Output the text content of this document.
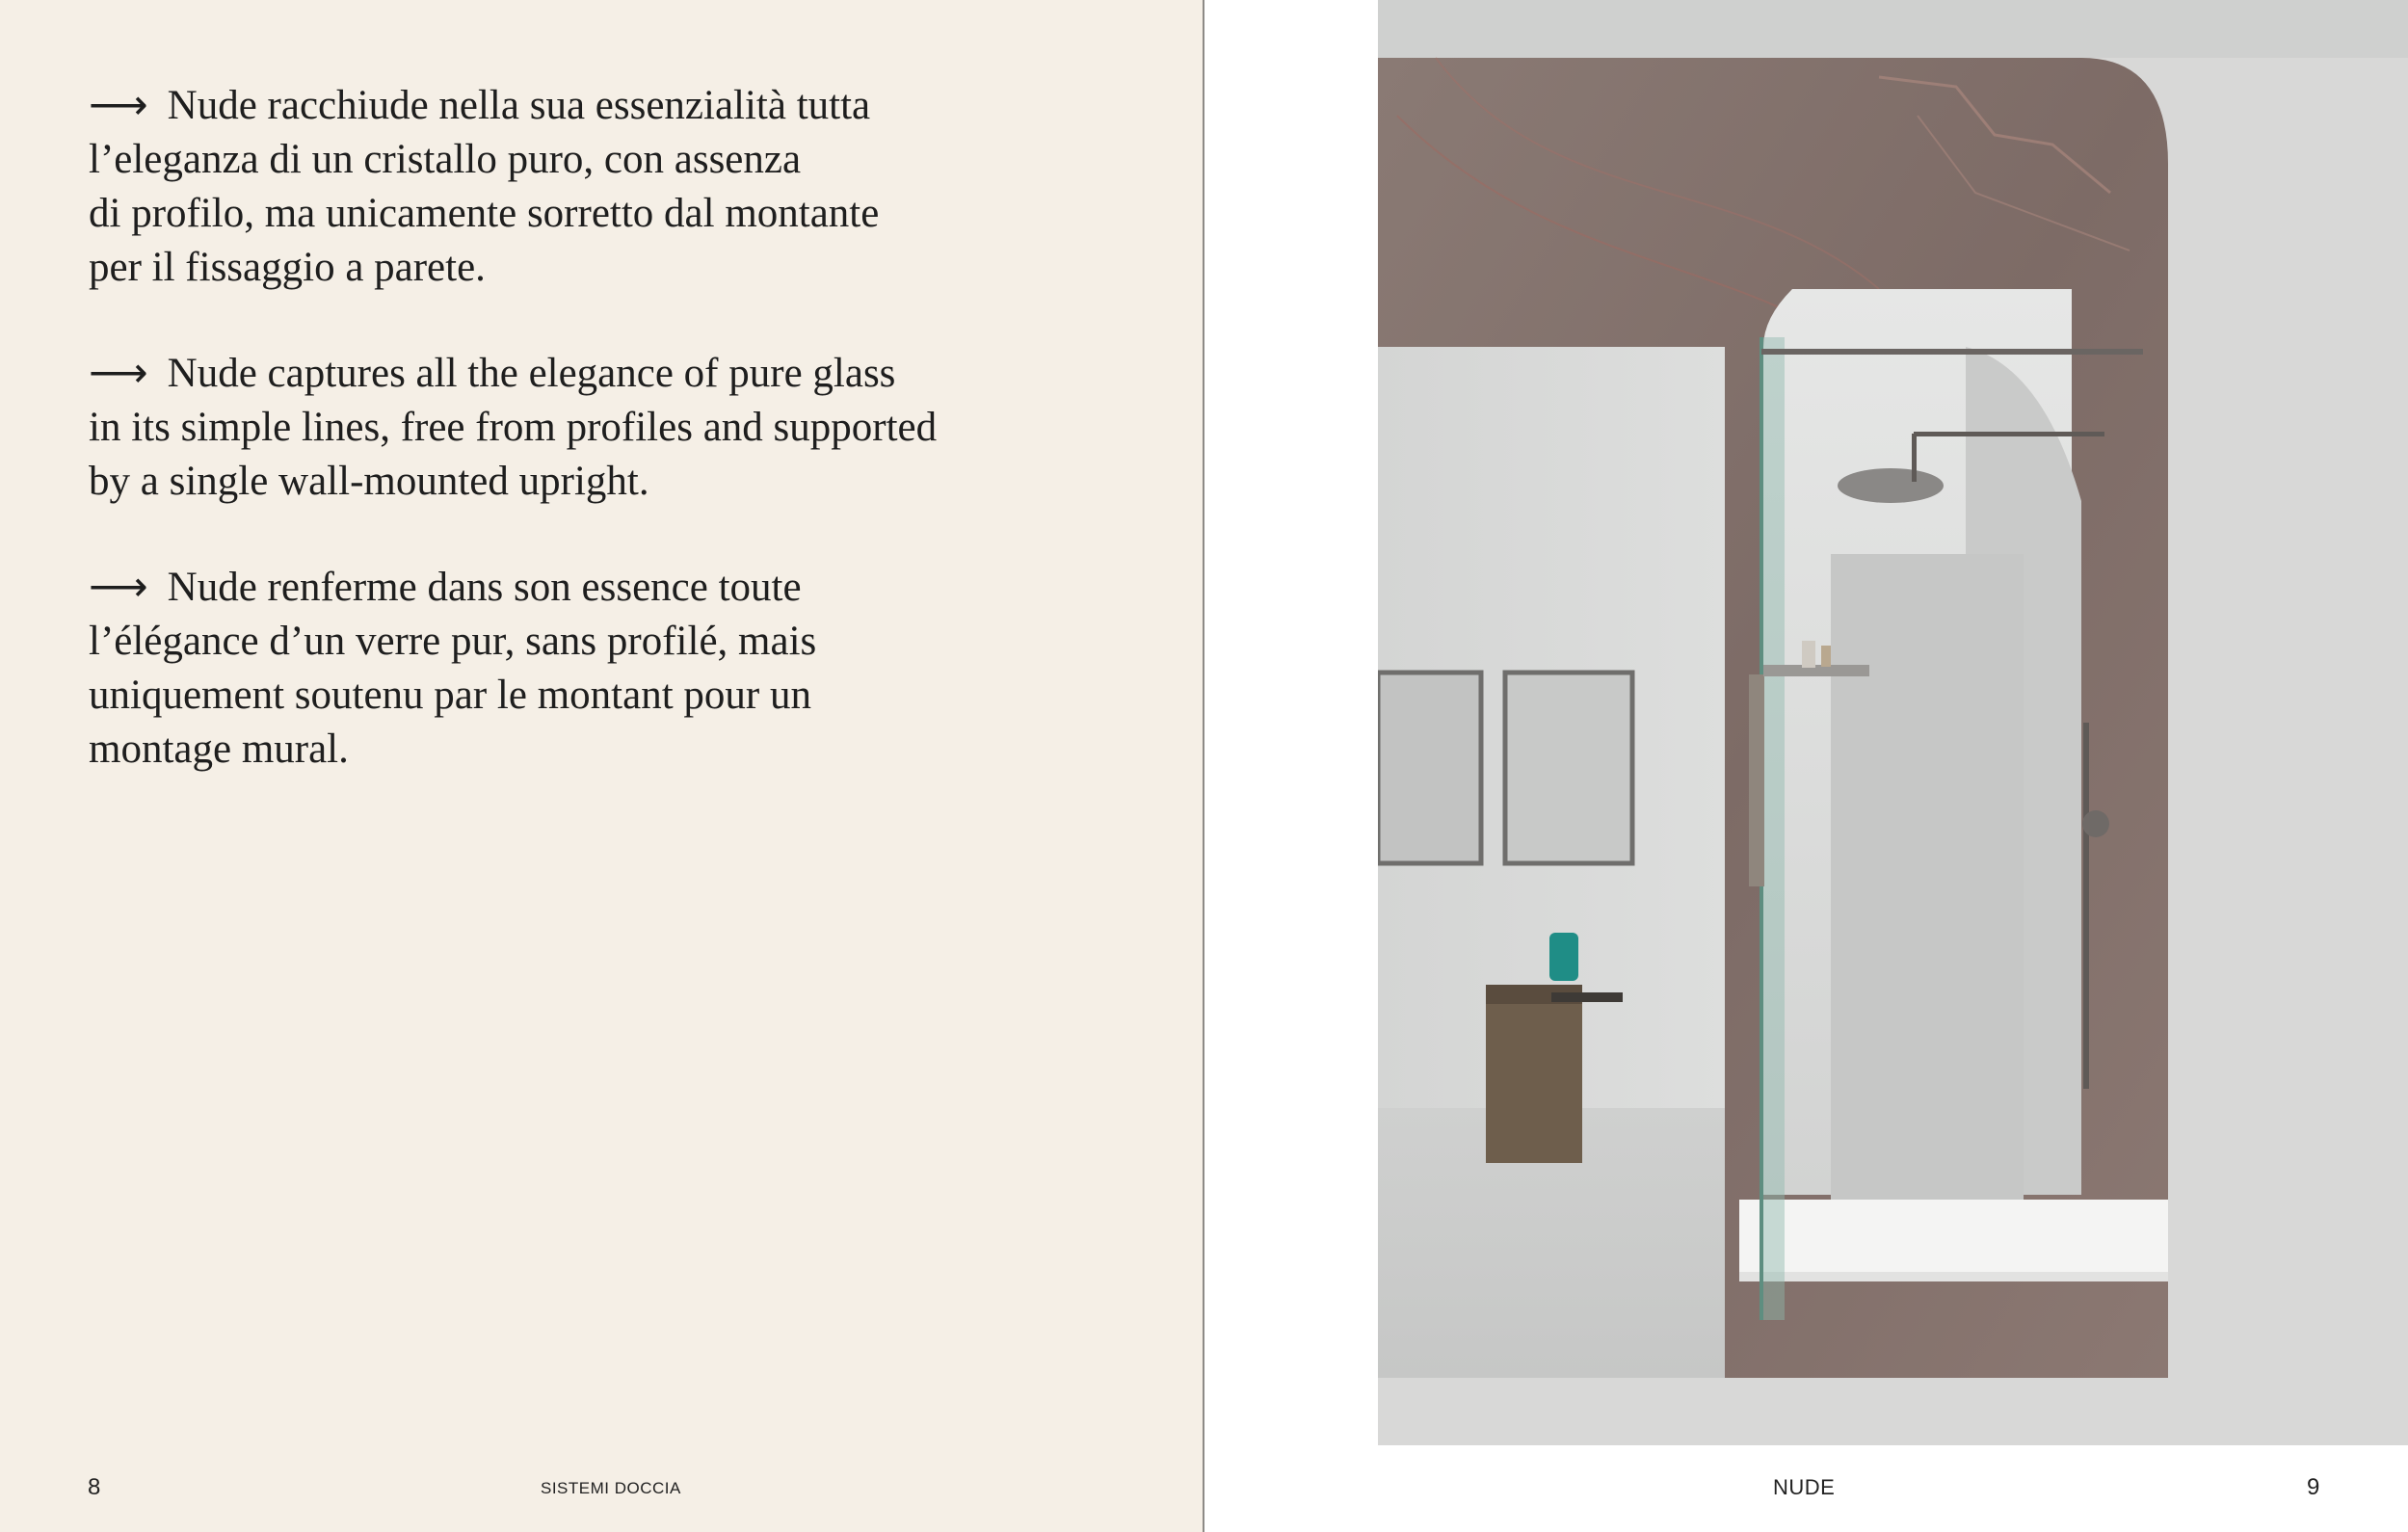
⟶ Nude racchiude nella sua essenzialità tutta
l’eleganza di un cristallo puro, con assenza
di profilo, ma unicamente sorretto dal montante
per il fissaggio a parete.

⟶ Nude captures all the elegance of pure glass
in its simple lines, free from profiles and supported
by a single wall-mounted upright.

⟶ Nude renferme dans son essence toute
l’élégance d’un verre pur, sans profilé, mais
uniquement soutenu par le montant pour un
montage mural.

8	SISTEMI DOCCIA	NUDE	9
